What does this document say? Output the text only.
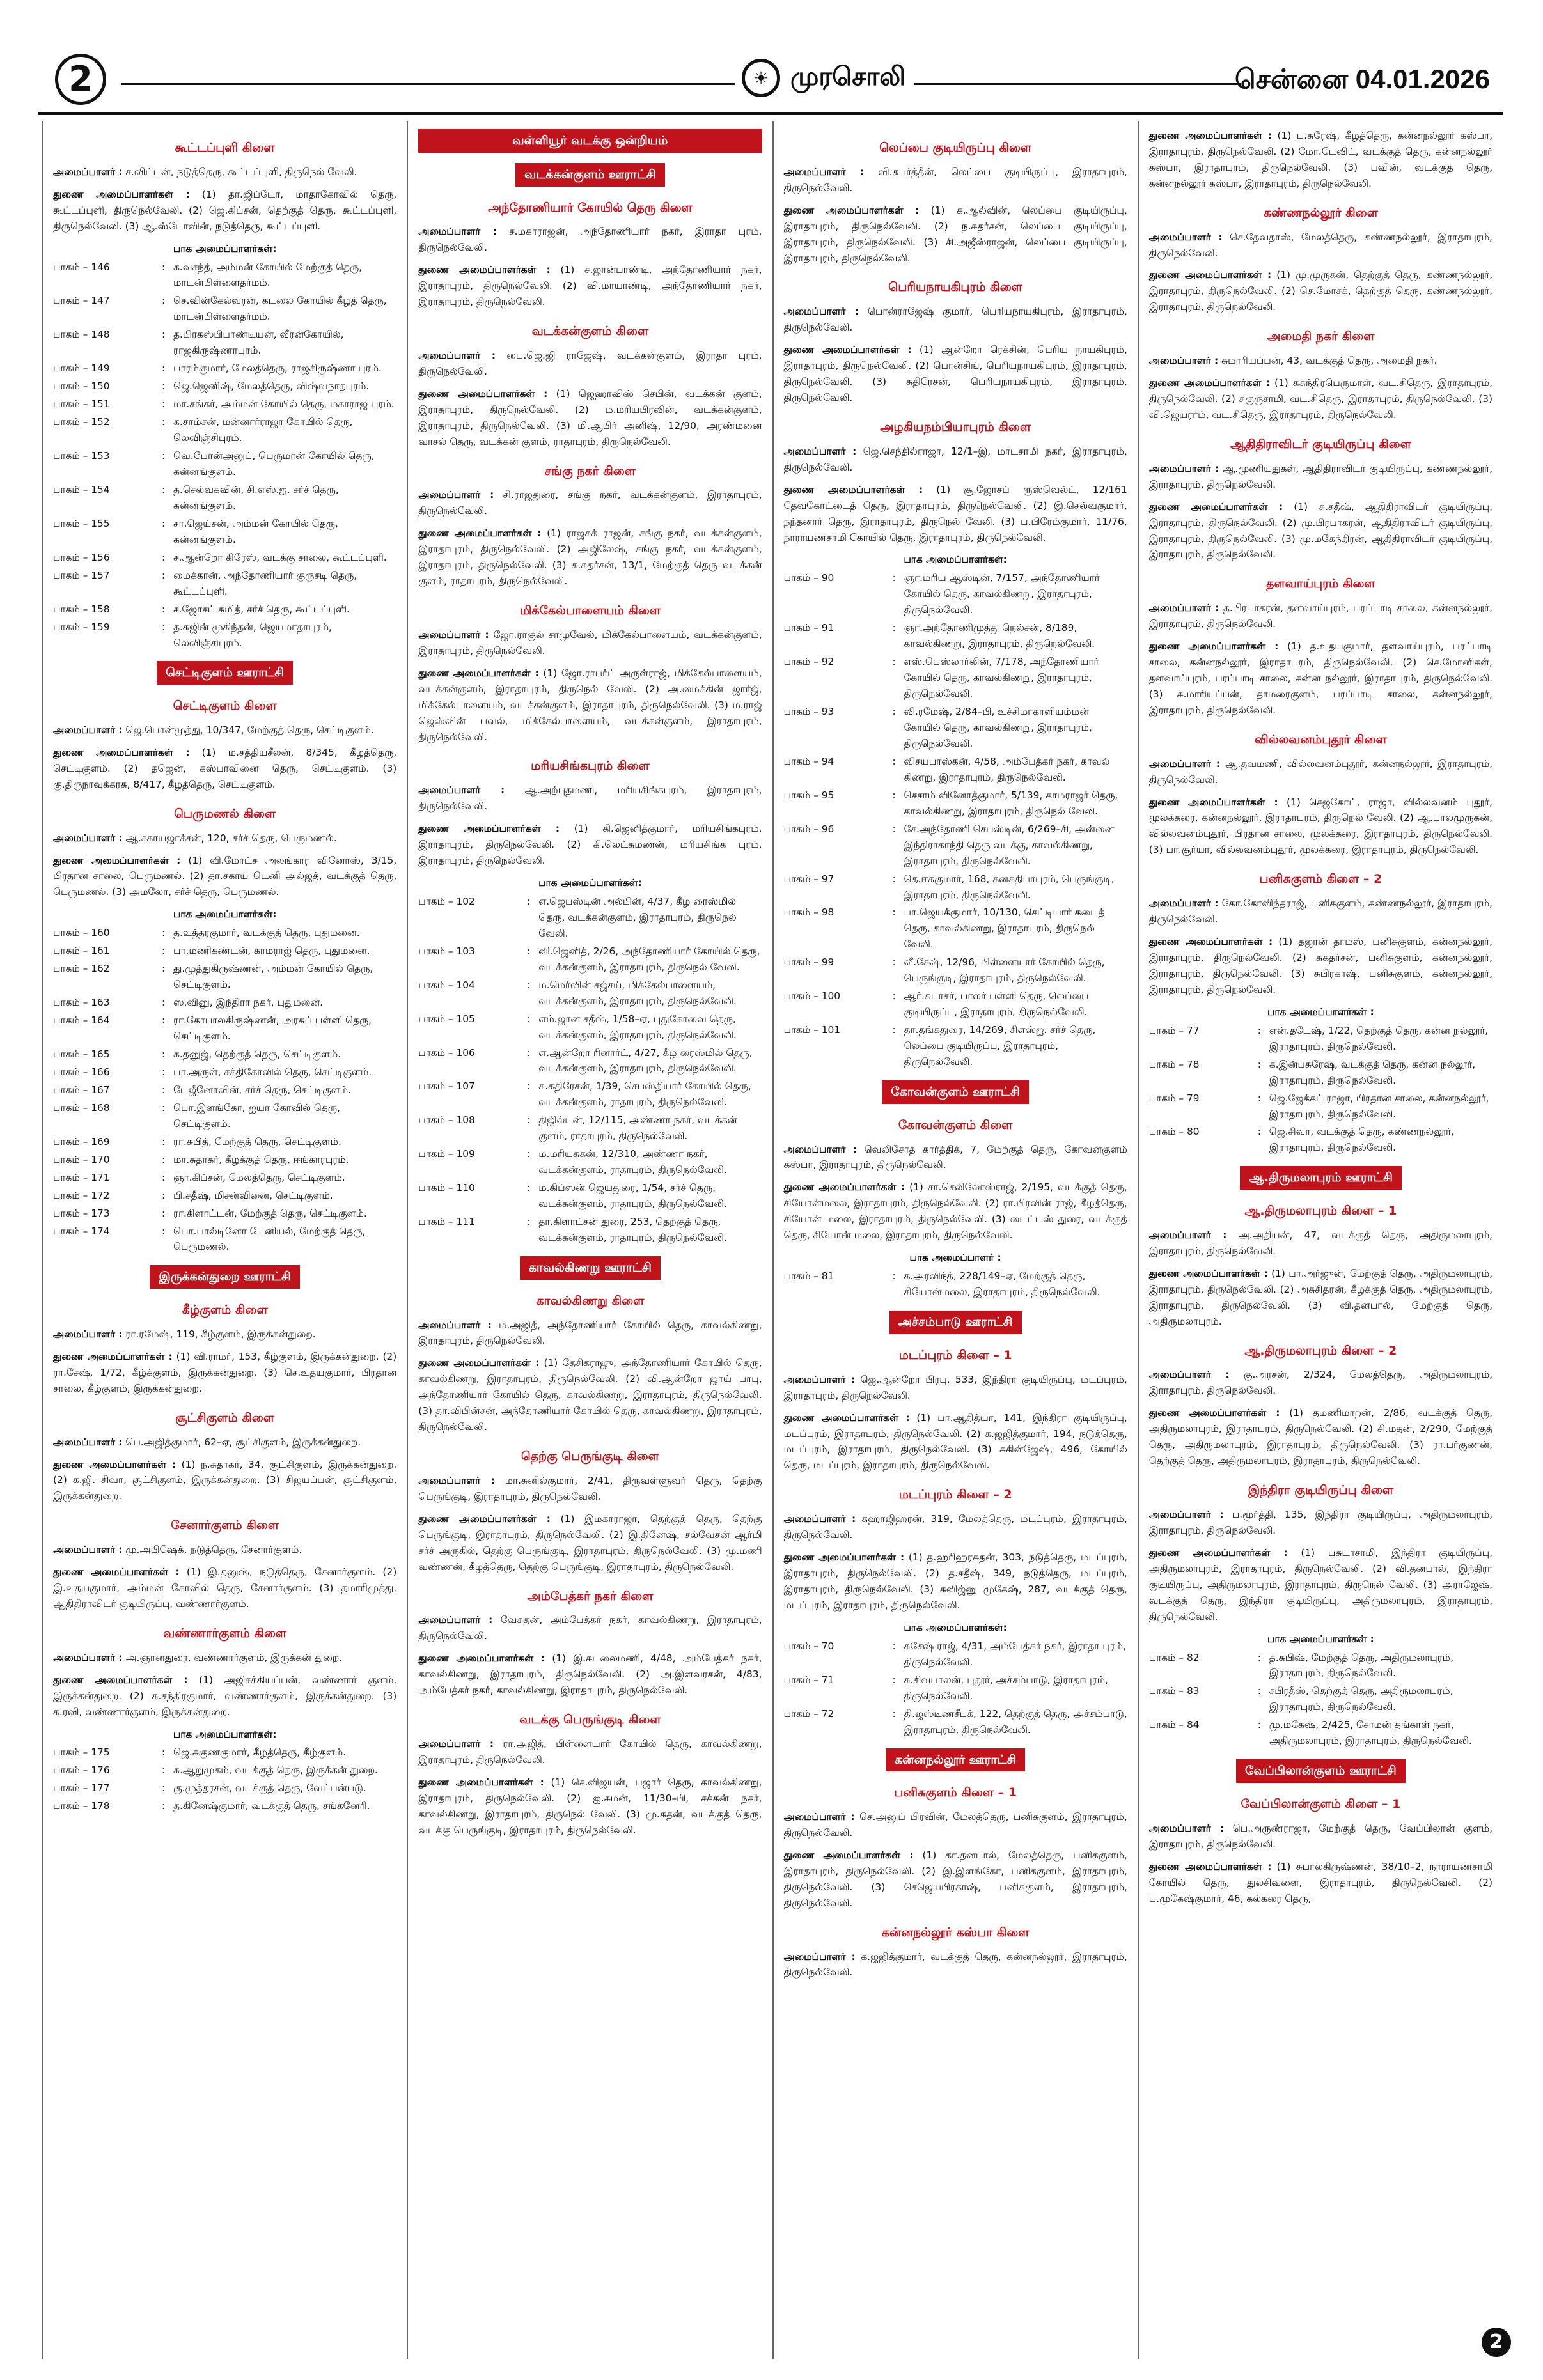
2	☀ முரசொலி	சென்னை 04.01.2026
கூட்டப்புளி கிளை

அமைப்பாளர் : ச.விட்டன், நடுத்தெரு, கூட்டப்புளி, திருநெல் வேலி.

துணை அமைப்பாளர்கள் : (1) தா.ஜிப்டோ, மாதாகோவில் தெரு, கூட்டப்புளி, திருநெல்வேலி. (2) ஜெ.கிப்சன், தெற்குத் தெரு, கூட்டப்புளி, திருநெல்வேலி. (3) ஆ.ஸ்டோவின், நடுத்தெரு, கூட்டப்புளி.

பாக அமைப்பாளர்கள்:
பாகம் – 146	: க.வசந்த், அம்மன் கோயில் மேற்குத் தெரு, மாடன்பிள்ளைதர்மம்.
பாகம் – 147	: செ.வின்கேல்வரன், கடலை கோயில் கீழத் தெரு, மாடன்பிள்ளைதர்மம்.
பாகம் – 148	: த.பிரகஸ்பிபாண்டியன், வீரன்கோயில், ராஜகிருஷ்ணாபுரம்.
பாகம் – 149	: பாரம்குமார், மேலத்தெரு, ராஜகிருஷ்ணா புரம்.
பாகம் – 150	: ஜெ.ஜெனிஷ், மேலத்தெரு, விஷ்வநாதபுரம்.
பாகம் – 151	: மா.சங்கர், அம்மன் கோயில் தெரு, மகாராஜ புரம்.
பாகம் – 152	: க.சாம்சன், மன்னார்ராஜா கோயில் தெரு, லெவிஞ்சிபுரம்.
பாகம் – 153	: வெ.போன்அனுப், பெருமான் கோயில் தெரு, கன்னங்குளம்.
பாகம் – 154	: த.செல்வகவின், சி.எஸ்.ஐ. சர்ச் தெரு, கன்னங்குளம்.
பாகம் – 155	: சா.ஜெய்சன், அம்மன் கோயில் தெரு, கன்னங்குளம்.
பாகம் – 156	: ச.ஆன்றோ கிரேஸ், வடக்கு சாலை, கூட்டப்புளி.
பாகம் – 157	: மைக்கான், அந்தோணியார் குருசடி தெரு, கூட்டப்புளி.
பாகம் – 158	: ச.ஜோசப் சுமித், சர்ச் தெரு, கூட்டப்புளி.
பாகம் – 159	: த.சுஜின் முகிந்தன், ஜெயமாதாபுரம், லெவிஞ்சிபுரம்.
செட்டிகுளம் ஊராட்சி
செட்டிகுளம் கிளை

அமைப்பாளர் : ஜெ.பொன்முத்து, 10/347, மேற்குத் தெரு, செட்டிகுளம்.

துணை அமைப்பாளர்கள் : (1) ம.சத்தியசீலன், 8/345, கீழத்தெரு, செட்டிகுளம். (2) தஜென், கஸ்பாவினை தெரு, செட்டிகுளம். (3) கு.திருநாவுக்கரசு, 8/417, கீழத்தெரு, செட்டிகுளம்.

பெருமணல் கிளை

அமைப்பாளர் : ஆ.சகாயஜாக்சன், 120, சர்ச் தெரு, பெருமணல்.

துணை அமைப்பாளர்கள் : (1) வி.மோட்ச அலங்கார வினோஸ், 3/15, பிரதான சாலை, பெருமணல். (2) தா.சகாய டெனி அல்ஜத், வடக்குத் தெரு, பெருமணல். (3) அமலோ, சர்ச் தெரு, பெருமணல்.

பாக அமைப்பாளர்கள்:
பாகம் – 160	: த.உத்தரகுமார், வடக்குத் தெரு, புதுமனை.
பாகம் – 161	: பா.மணிகண்டன், காமராஜ் தெரு, புதுமனை.
பாகம் – 162	: து.முத்துகிருஷ்ணன், அம்மன் கோயில் தெரு, செட்டிகுளம்.
பாகம் – 163	: ஸ.வினு, இந்திரா நகர், புதுமனை.
பாகம் – 164	: ரா.கோபாலகிருஷ்ணன், அரசுப் பள்ளி தெரு, செட்டிகுளம்.
பாகம் – 165	: க.தனுஜ், தெற்குத் தெரு, செட்டிகுளம்.
பாகம் – 166	: பா.அருள், சக்திகோவில் தெரு, செட்டிகுளம்.
பாகம் – 167	: டேஜீனோவின், சர்ச் தெரு, செட்டிகுளம்.
பாகம் – 168	: பொ.இளங்கோ, ஐயா கோவில் தெரு, செட்டிகுளம்.
பாகம் – 169	: ரா.சுபித், மேற்குத் தெரு, செட்டிகுளம்.
பாகம் – 170	: மா.சுதாகர், கீழக்குத் தெரு, ஈங்காரபுரம்.
பாகம் – 171	: ஞா.கிப்சன், மேலத்தெரு, செட்டிகுளம்.
பாகம் – 172	: பி.சதீஷ், மிசன்வினை, செட்டிகுளம்.
பாகம் – 173	: ரா.கிளாட்டன், மேற்குத் தெரு, செட்டிகுளம்.
பாகம் – 174	: பொ.பால்டினோ டேனியல், மேற்குத் தெரு, பெருமணல்.
இருக்கன்துறை ஊராட்சி
கீழ்குளம் கிளை

அமைப்பாளர் : ரா.ரமேஷ், 119, கீழ்குளம், இருக்கன்துறை.

துணை அமைப்பாளர்கள் : (1) வி.ராமர், 153, கீழ்குளம், இருக்கன்துறை. (2) ரா.சேஷ், 1/72, கீழ்க்குளம், இருக்கன்துறை. (3) செ.உதயகுமார், பிரதான சாலை, கீழ்குளம், இருக்கன்துறை.

சூட்சிகுளம் கிளை

அமைப்பாளர் : பெ.அஜித்குமார், 62–ஏ, சூட்சிகுளம், இருக்கன்துறை.

துணை அமைப்பாளர்கள் : (1) ந.சுதாகர், 34, சூட்சிகுளம், இருக்கன்துறை. (2) க.ஜி. சிவா, சூட்சிகுளம், இருக்கன்துறை. (3) சிஜயப்பன், சூட்சிகுளம், இருக்கன்துறை.

சேனார்குளம் கிளை

அமைப்பாளர் : மு.அபிஷேக், நடுத்தெரு, சேனார்குளம்.

துணை அமைப்பாளர்கள் : (1) இ.தனுஷ், நடுத்தெரு, சேனார்குளம். (2) இ.உதயகுமார், அம்மன் கோவில் தெரு, சேனார்குளம். (3) தமாரிமுத்து, ஆதிதிராவிடர் குடியிருப்பு, வண்ணார்குளம்.

வண்ணார்குளம் கிளை

அமைப்பாளர் : அ.ஞானதுரை, வண்ணார்குளம், இருக்கன் துறை.

துணை அமைப்பாளர்கள் : (1) அஜிசக்கியப்பன், வண்ணார் குளம், இருக்கன்துறை. (2) சு.சந்திரகுமார், வண்ணார்குளம், இருக்கன்துறை. (3) சு.ரவி, வண்ணார்குளம், இருக்கன்துறை.

பாக அமைப்பாளர்கள்:
பாகம் – 175	: ஜெ.சுகுணகுமார், கீழத்தெரு, கீழ்குளம்.
பாகம் – 176	: சு.ஆறுமுகம், வடக்குத் தெரு, இருக்கன் துறை.
பாகம் – 177	: கு.முத்தரசன், வடக்குத் தெரு, வேப்பன்படு.
பாகம் – 178	: த.கினேஷ்குமார், வடக்குத் தெரு, சங்கனேரி.
வள்ளியூர் வடக்கு ஒன்றியம்
வடக்கன்குளம் ஊராட்சி
அந்தோணியார் கோயில் தெரு கிளை

அமைப்பாளர் : ச.மகாராஜன், அந்தோணியார் நகர், இராதா புரம், திருநெல்வேலி.

துணை அமைப்பாளர்கள் : (1) ச.ஜான்பாண்டி, அந்தோணியார் நகர், இராதாபுரம், திருநெல்வேலி. (2) வி.மாயாண்டி, அந்தோணியார் நகர், இராதாபுரம், திருநெல்வேலி.

வடக்கன்குளம் கிளை

அமைப்பாளர் : பை.ஜெ.ஜி ராஜேஷ், வடக்கன்குளம், இராதா புரம், திருநெல்வேலி.

துணை அமைப்பாளர்கள் : (1) ஜெஹாவிஸ் செபின், வடக்கன் குளம், இராதாபுரம், திருநெல்வேலி. (2) ம.மரியபிரவின், வடக்கன்குளம், இராதாபுரம், திருநெல்வேலி. (3) மி.ஆபிர் அனிஷ், 12/90, அரண்மனை வாசல் தெரு, வடக்கன் குளம், ராதாபுரம், திருநெல்வேலி.

சங்கு நகர் கிளை

அமைப்பாளர் : சி.ராஜதுரை, சங்கு நகர், வடக்கன்குளம், இராதாபுரம், திருநெல்வேலி.

துணை அமைப்பாளர்கள் : (1) ராஜசுக் ராஜன், சங்கு நகர், வடக்கன்குளம், இராதாபுரம், திருநெல்வேலி. (2) அஜிலேஷ், சங்கு நகர், வடக்கன்குளம், இராதாபுரம், திருநெல்வேலி. (3) க.சுதர்சன், 13/1, மேற்குத் தெரு வடக்கன் குளம், ராதாபுரம், திருநெல்வேலி.

மிக்கேல்பாளையம் கிளை

அமைப்பாளர் : ஜோ.ராகுல் சாமுவேல், மிக்கேல்பாளையம், வடக்கன்குளம், இராதாபுரம், திருநெல்வேலி.

துணை அமைப்பாளர்கள் : (1) ஜோ.ராபர்ட் அருள்ராஜ், மிக்கேல்பாளையம், வடக்கன்குளம், இராதாபுரம், திருநெல் வேலி. (2) அ.மைக்கின் ஜார்ஜ், மிக்கேல்பாளையம், வடக்கன்குளம், இராதாபுரம், திருநெல்வேலி. (3) ம.ராஜ் ஜெஸ்வின் பவல், மிக்கேல்பாளையம், வடக்கன்குளம், இராதாபுரம், திருநெல்வேலி.

மரியசிங்கபுரம் கிளை

அமைப்பாளர் : ஆ.அற்புதமணி, மரியசிங்கபுரம், இராதாபுரம், திருநெல்வேலி.

துணை அமைப்பாளர்கள் : (1) கி.ஜெனித்குமார், மரியசிங்கபுரம், இராதாபுரம், திருநெல்வேலி. (2) கி.லெட்சுமணன், மரியசிங்க புரம், இராதாபுரம், திருநெல்வேலி.

பாக அமைப்பாளர்கள்:
பாகம் – 102	: எ.ஜெபஸ்டின் அல்பின், 4/37, கீழ ரைஸ்மில் தெரு, வடக்கன்குளம், இராதாபுரம், திருநெல் வேலி.
பாகம் – 103	: வி.ஜெனித், 2/26, அந்தோணியார் கோயில் தெரு, வடக்கன்குளம், இராதாபுரம், திருநெல் வேலி.
பாகம் – 104	: ம.மெர்வின் சஜ்சய், மிக்கேல்பாளையம், வடக்கன்குளம், இராதாபுரம், திருநெல்வேலி.
பாகம் – 105	: எம்.ஜான சதீஷ், 1/58–ஏ, புதுகோவை தெரு, வடக்கன்குளம், இராதாபுரம், திருநெல்வேலி.
பாகம் – 106	: எ.ஆன்றோ ரினார்ட், 4/27, கீழ ரைஸ்மில் தெரு, வடக்கன்குளம், இராதாபுரம், திருநெல்வேலி.
பாகம் – 107	: சு.கதிரேசன், 1/39, செபஸ்தியார் கோயில் தெரு, வடக்கன்குளம், ராதாபுரம், திருநெல்வேலி.
பாகம் – 108	: திஜில்டன், 12/115, அண்ணா நகர், வடக்கன் குளம், ராதாபுரம், திருநெல்வேலி.
பாகம் – 109	: ம.மரியசுகன், 12/310, அண்ணா நகர், வடக்கன்குளம், ராதாபுரம், திருநெல்வேலி.
பாகம் – 110	: ம.கிப்ஸன் ஜெயதுரை, 1/54, சர்ச் தெரு, வடக்கன்குளம், ராதாபுரம், திருநெல்வேலி.
பாகம் – 111	: தா.கிளாட்சன் துரை, 253, தெற்குத் தெரு, வடக்கன்குளம், ராதாபுரம், திருநெல்வேலி.
காவல்கிணறு ஊராட்சி
காவல்கிணறு கிளை

அமைப்பாளர் : ம.அஜித், அந்தோணியார் கோயில் தெரு, காவல்கிணறு, இராதாபுரம், திருநெல்வேலி.

துணை அமைப்பாளர்கள் : (1) தேசிகராஜு, அந்தோணியார் கோயில் தெரு, காவல்கிணறு, இராதாபுரம், திருநெல்வேலி. (2) வி.ஆன்றோ ஜாய் பாபு, அந்தோணியார் கோயில் தெரு, காவல்கிணறு, இராதாபுரம், திருநெல்வேலி. (3) தா.விபின்சன், அந்தோணியார் கோயில் தெரு, காவல்கிணறு, இராதாபுரம், திருநெல்வேலி.

தெற்கு பெருங்குடி கிளை

அமைப்பாளர் : மா.சுனில்குமார், 2/41, திருவள்ளுவர் தெரு, தெற்கு பெருங்குடி, இராதாபுரம், திருநெல்வேலி.

துணை அமைப்பாளர்கள் : (1) இமகாராஜா, தெற்குத் தெரு, தெற்கு பெருங்குடி, இராதாபுரம், திருநெல்வேலி. (2) இ.தினேஷ், சல்வேசன் ஆர்மி சர்ச் அருகில், தெற்கு பெருங்குடி, இராதாபுரம், திருநெல்வேலி. (3) மு.மணி வண்ணன், கீழத்தெரு, தெற்கு பெருங்குடி, இராதாபுரம், திருநெல்வேலி.

அம்பேத்கர் நகர் கிளை

அமைப்பாளர் : வேசுதன், அம்பேத்கர் நகர், காவல்கிணறு, இராதாபுரம், திருநெல்வேலி.

துணை அமைப்பாளர்கள் : (1) இ.சுடலைமணி, 4/48, அம்பேத்கர் நகர், காவல்கிணறு, இராதாபுரம், திருநெல்வேலி. (2) அ.இளவரசன், 4/83, அம்பேத்கர் நகர், காவல்கிணறு, இராதாபுரம், திருநெல்வேலி.

வடக்கு பெருங்குடி கிளை

அமைப்பாளர் : ரா.அஜித், பிள்ளையார் கோயில் தெரு, காவல்கிணறு, இராதாபுரம், திருநெல்வேலி.

துணை அமைப்பாளர்கள் : (1) செ.விஜயன், பஜார் தெரு, காவல்கிணறு, இராதாபுரம், திருநெல்வேலி. (2) ஐ.சுமன், 11/30–பி, சக்கன் நகர், காவல்கிணறு, இராதாபுரம், திருநெல் வேலி. (3) மு.சுதன், வடக்குத் தெரு, வடக்கு பெருங்குடி, இராதாபுரம், திருநெல்வேலி.

லெப்பை குடியிருப்பு கிளை

அமைப்பாளர் : வி.சுபர்த்தீன், லெப்பை குடியிருப்பு, இராதாபுரம், திருநெல்வேலி.

துணை அமைப்பாளர்கள் : (1) க.ஆல்வின், லெப்பை குடியிருப்பு, இராதாபுரம், திருநெல்வேலி. (2) ந.சுதர்சன், லெப்பை குடியிருப்பு, இராதாபுரம், திருநெல்வேலி. (3) சி.அஜீஸ்ராஜன், லெப்பை குடியிருப்பு, இராதாபுரம், திருநெல்வேலி.

பெரியநாயகிபுரம் கிளை

அமைப்பாளர் : பொன்ராஜேஷ் குமார், பெரியநாயகிபுரம், இராதாபுரம், திருநெல்வேலி.

துணை அமைப்பாளர்கள் : (1) ஆன்றோ ரெக்சின், பெரிய நாயகிபுரம், இராதாபுரம், திருநெல்வேலி. (2) பொன்சிங், பெரியநாயகிபுரம், இராதாபுரம், திருநெல்வேலி. (3) சுதிரேசன், பெரியநாயகிபுரம், இராதாபுரம், திருநெல்வேலி.

அழகியநம்பியாபுரம் கிளை

அமைப்பாளர் : ஜெ.செந்தில்ராஜா, 12/1–இ, மாடசாமி நகர், இராதாபுரம், திருநெல்வேலி.

துணை அமைப்பாளர்கள் : (1) சூ.ஜோசப் ரூஸ்வெல்ட், 12/161 தேவகோட்டைத் தெரு, இராதாபுரம், திருநெல்வேலி. (2) இ.செல்வகுமார், நந்தனார் தெரு, இராதாபுரம், திருநெல் வேலி. (3) ப.பிரேம்குமார், 11/76, நாராயணசாமி கோயில் தெரு, இராதாபுரம், திருநெல்வேலி.

பாக அமைப்பாளர்கள்:
பாகம் – 90	: ஞா.மரிய ஆஸ்டின், 7/157, அந்தோணியார் கோயில் தெரு, காவல்கிணறு, இராதாபுரம், திருநெல்வேலி.
பாகம் – 91	: ஞா.அந்தோணிமுத்து நெல்சன், 8/189, காவல்கிணறு, இராதாபுரம், திருநெல்வேலி.
பாகம் – 92	: எஸ்.பெஸ்லார்லின், 7/178, அந்தோணியார் கோயில் தெரு, காவல்கிணறு, இராதாபுரம், திருநெல்வேலி.
பாகம் – 93	: வி.ரமேஷ், 2/84–பி, உச்சிமாகாளியம்மன் கோயில் தெரு, காவல்கிணறு, இராதாபுரம், திருநெல்வேலி.
பாகம் – 94	: விசயபாஸ்கன், 4/58, அம்பேத்கர் நகர், காவல் கிணறு, இராதாபுரம், திருநெல்வேலி.
பாகம் – 95	: செசாம் வினோத்குமார், 5/139, காமராஜர் தெரு, காவல்கிணறு, இராதாபுரம், திருநெல் வேலி.
பாகம் – 96	: சே.அந்தோணி செபஸ்டின், 6/269–சி, அன்னை இந்திராகாந்தி தெரு வடக்கு, காவல்கிணறு, இராதாபுரம், திருநெல்வேலி.
பாகம் – 97	: தெ.ஈசுகுமார், 168, கனகதிபாபுரம், பெருங்குடி, இராதாபுரம், திருநெல்வேலி.
பாகம் – 98	: பா.ஜெயக்குமார், 10/130, செட்டியார் கடைத் தெரு, காவல்கிணறு, இராதாபுரம், திருநெல் வேலி.
பாகம் – 99	: வீ.சேஷ், 12/96, பிள்ளையார் கோயில் தெரு, பெருங்குடி, இராதாபுரம், திருநெல்வேலி.
பாகம் – 100	: ஆர்.சுபாசர், பாலர் பள்ளி தெரு, லெப்பை குடியிருப்பு, இராதாபுரம், திருநெல்வேலி.
பாகம் – 101	: தா.தங்கதுரை, 14/269, சிஎஸ்ஐ. சர்ச் தெரு, லெப்பை குடியிருப்பு, இராதாபுரம், திருநெல்வேலி.
கோவன்குளம் ஊராட்சி
கோவன்குளம் கிளை

அமைப்பாளர் : வெலிசோத் கார்த்திக், 7, மேற்குத் தெரு, கோவன்குளம் கஸ்பா, இராதாபுரம், திருநெல்வேலி.

துணை அமைப்பாளர்கள் : (1) சா.செலிலோஸ்ராஜ், 2/195, வடக்குத் தெரு, சியோன்மலை, இராதாபுரம், திருநெல்வேலி. (2) ரா.பிரவின் ராஜ், கீழத்தெரு, சியோன் மலை, இராதாபுரம், திருநெல்வேலி. (3) டைட்டஸ் துரை, வடக்குத் தெரு, சியோன் மலை, இராதாபுரம், திருநெல்வேலி.

பாக அமைப்பாளர் :
பாகம் – 81	: க.அரவிந்த், 228/149–ஏ, மேற்குத் தெரு, சியோன்மலை, இராதாபுரம், திருநெல்வேலி.
அச்சம்பாடு ஊராட்சி
மடப்புரம் கிளை – 1

அமைப்பாளர் : ஜெ.ஆன்றோ பிரபு, 533, இந்திரா குடியிருப்பு, மடப்புரம், இராதாபுரம், திருநெல்வேலி.

துணை அமைப்பாளர்கள் : (1) பா.ஆதித்யா, 141, இந்திரா குடியிருப்பு, மடப்புரம், இராதாபுரம், திருநெல்வேலி. (2) க.ஜஜித்குமார், 194, நடுத்தெரு, மடப்புரம், இராதாபுரம், திருநெல்வேலி. (3) சுகின்ஜேஷ், 496, கோயில் தெரு, மடப்புரம், இராதாபுரம், திருநெல்வேலி.

மடப்புரம் கிளை – 2

அமைப்பாளர் : சுஹாஜிஹரன், 319, மேலத்தெரு, மடப்புரம், இராதாபுரம், திருநெல்வேலி.

துணை அமைப்பாளர்கள் : (1) த.ஹரிஹரசுதன், 303, நடுத்தெரு, மடப்புரம், இராதாபுரம், திருநெல்வேலி. (2) த.சதீஷ், 349, நடுத்தெரு, மடப்புரம், இராதாபுரம், திருநெல்வேலி. (3) சுவிஜ்னு முகேஷ், 287, வடக்குத் தெரு, மடப்புரம், இராதாபுரம், திருநெல்வேலி.

பாக அமைப்பாளர்கள்:
பாகம் – 70	: சுசேஷ் ராஜ், 4/31, அம்பேத்கர் நகர், இராதா புரம், திருநெல்வேலி.
பாகம் – 71	: சு.சிவபாலன், புதூர், அச்சம்பாடு, இராதாபுரம், திருநெல்வேலி.
பாகம் – 72	: தி.ஜஸ்டிணசீபக், 122, தெற்குத் தெரு, அச்சம்பாடு, இராதாபுரம், திருநெல்வேலி.
கன்னநல்லூர் ஊராட்சி
பனிசுகுளம் கிளை – 1

அமைப்பாளர் : செ.அனுப் பிரவின், மேலத்தெரு, பனிசுகுளம், இராதாபுரம், திருநெல்வேலி.

துணை அமைப்பாளர்கள் : (1) கா.தனபால், மேலத்தெரு, பனிசுகுளம், இராதாபுரம், திருநெல்வேலி. (2) இ.இளங்கோ, பனிசுகுளம், இராதாபுரம், திருநெல்வேலி. (3) செஜெயபிரகாஷ், பனிசுகுளம், இராதாபுரம், திருநெல்வேலி.

கன்னநல்லூர் கஸ்பா கிளை

அமைப்பாளர் : க.ஜஜித்குமார், வடக்குத் தெரு, கன்னநல்லூர், இராதாபுரம், திருநெல்வேலி.

துணை அமைப்பாளர்கள் : (1) ப.சுரேஷ், கீழத்தெரு, கன்னநல்லூர் கஸ்பா, இராதாபுரம், திருநெல்வேலி. (2) மோ.டேவிட், வடக்குத் தெரு, கன்னநல்லூர் கஸ்பா, இராதாபுரம், திருநெல்வேலி. (3) பவின், வடக்குத் தெரு, கன்னநல்லூர் கஸ்பா, இராதாபுரம், திருநெல்வேலி.

கண்ணநல்லூர் கிளை

அமைப்பாளர் : செ.தேவதாஸ், மேலத்தெரு, கண்ணநல்லூர், இராதாபுரம், திருநெல்வேலி.

துணை அமைப்பாளர்கள் : (1) மு.முருகன், தெற்குத் தெரு, கண்ணநல்லூர், இராதாபுரம், திருநெல்வேலி. (2) செ.மோசக், தெற்குத் தெரு, கண்ணநல்லூர், இராதாபுரம், திருநெல்வேலி.

அமைதி நகர் கிளை

அமைப்பாளர் : சுமாரியப்பன், 43, வடக்குத் தெரு, அமைதி நகர்.

துணை அமைப்பாளர்கள் : (1) சுசுந்திரபெருமாள், வட.சிதெரு, இராதாபுரம், திருநெல்வேலி. (2) சுகுருசாமி, வட.சிதெரு, இராதாபுரம், திருநெல்வேலி. (3) வி.ஜெயராம், வட.சிதெரு, இராதாபுரம், திருநெல்வேலி.

ஆதிதிராவிடர் குடியிருப்பு கிளை

அமைப்பாளர் : ஆ.முணியதுகள், ஆதிதிராவிடர் குடியிருப்பு, கண்ணநல்லூர், இராதாபுரம், திருநெல்வேலி.

துணை அமைப்பாளர்கள் : (1) சு.சதீஷ், ஆதிதிராவிடர் குடியிருப்பு, இராதாபுரம், திருநெல்வேலி. (2) மு.பிரபாகரன், ஆதிதிராவிடர் குடியிருப்பு, இராதாபுரம், திருநெல்வேலி. (3) மு.மகேந்திரன், ஆதிதிராவிடர் குடியிருப்பு, இராதாபுரம், திருநெல்வேலி.

தளவாய்புரம் கிளை

அமைப்பாளர் : த.பிரபாகரன், தளவாய்புரம், பரப்பாடி சாலை, கன்னநல்லூர், இராதாபுரம், திருநெல்வேலி.

துணை அமைப்பாளர்கள் : (1) த.உதயகுமார், தளவாய்புரம், பரப்பாடி சாலை, கன்னநல்லூர், இராதாபுரம், திருநெல்வேலி. (2) செ.மோனிகள், தளவாய்புரம், பரப்பாடி சாலை, கன்ன நல்லூர், இராதாபுரம், திருநெல்வேலி. (3) சு.மாரியப்பன், தாமரைகுளம், பரப்பாடி சாலை, கன்னநல்லூர், இராதாபுரம், திருநெல்வேலி.

வில்லவனம்புதூர் கிளை

அமைப்பாளர் : ஆ.தவமணி, வில்லவனம்புதூர், கன்னநல்லூர், இராதாபுரம், திருநெல்வேலி.

துணை அமைப்பாளர்கள் : (1) செஜகோட், ராஜா, வில்லவனம் புதூர், மூலக்கரை, கன்னநல்லூர், இராதாபுரம், திருநெல் வேலி. (2) ஆ.பாலமுருகன், வில்லவனம்புதூர், பிரதான சாலை, மூலக்கரை, இராதாபுரம், திருநெல்வேலி. (3) பா.சூர்யா, வில்லவனம்புதூர், மூலக்கரை, இராதாபுரம், திருநெல்வேலி.

பனிசுகுளம் கிளை – 2

அமைப்பாளர் : கோ.கோவிந்தராஜ், பனிசுகுளம், கண்ணநல்லூர், இராதாபுரம், திருநெல்வேலி.

துணை அமைப்பாளர்கள் : (1) தஜான் தாமஸ், பனிசுகுளம், கன்னநல்லூர், இராதாபுரம், திருநெல்வேலி. (2) சுகதர்சன், பனிசுகுளம், கன்னநல்லூர், இராதாபுரம், திருநெல்வேலி. (3) சுபிரகாஷ், பனிசுகுளம், கன்னநல்லூர், இராதாபுரம், திருநெல்வேலி.

பாக அமைப்பாளர்கள் :
பாகம் – 77	: என்.தடேஷ், 1/22, தெற்குத் தெரு, கன்ன நல்லூர், இராதாபுரம், திருநெல்வேலி.
பாகம் – 78	: க.இன்பசுரேஷ், வடக்குத் தெரு, கன்ன நல்லூர், இராதாபுரம், திருநெல்வேலி.
பாகம் – 79	: ஜெ.ஜேக்கப் ராஜா, பிரதான சாலை, கன்னநல்லூர், இராதாபுரம், திருநெல்வேலி.
பாகம் – 80	: ஜெ.சிவா, வடக்குத் தெரு, கண்ணநல்லூர், இராதாபுரம், திருநெல்வேலி.
ஆ.திருமலாபுரம் ஊராட்சி
ஆ.திருமலாபுரம் கிளை – 1

அமைப்பாளர் : அ.அதியன், 47, வடக்குத் தெரு, அதிருமலாபுரம், இராதாபுரம், திருநெல்வேலி.

துணை அமைப்பாளர்கள் : (1) பா.அர்ஜுன், மேற்குத் தெரு, அதிருமலாபுரம், இராதாபுரம், திருநெல்வேலி. (2) அசுசிதரன், கீழக்குத் தெரு, அதிருமலாபுரம், இராதாபுரம், திருநெல்வேலி. (3) வி.தனபால், மேற்குத் தெரு, அதிருமலாபுரம்.

ஆ.திருமலாபுரம் கிளை – 2

அமைப்பாளர் : கு.அரசன், 2/324, மேலத்தெரு, அதிருமலாபுரம், இராதாபுரம், திருநெல்வேலி.

துணை அமைப்பாளர்கள் : (1) தமணிமாறன், 2/86, வடக்குத் தெரு, அதிருமலாபுரம், இராதாபுரம், திருநெல்வேலி. (2) சி.மதன், 2/290, மேற்குத் தெரு, அதிருமலாபுரம், இராதாபுரம், திருநெல்வேலி. (3) ரா.பர்குணன், தெற்குத் தெரு, அதிருமலாபுரம், இராதாபுரம், திருநெல்வேலி.

இந்திரா குடியிருப்பு கிளை

அமைப்பாளர் : ப.மூர்த்தி, 135, இந்திரா குடியிருப்பு, அதிருமலாபுரம், இராதாபுரம், திருநெல்வேலி.

துணை அமைப்பாளர்கள் : (1) பசுடாசாமி, இந்திரா குடியிருப்பு, அதிருமலாபுரம், இராதாபுரம், திருநெல்வேலி. (2) வி.தனபால், இந்திரா குடியிருப்பு, அதிருமலாபுரம், இராதாபுரம், திருநெல் வேலி. (3) அராஜேஷ், வடக்குத் தெரு, இந்திரா குடியிருப்பு, அதிருமலாபுரம், இராதாபுரம், திருநெல்வேலி.

பாக அமைப்பாளர்கள் :
பாகம் – 82	: த.சுபிஷ், மேற்குத் தெரு, அதிருமலாபுரம், இராதாபுரம், திருநெல்வேலி.
பாகம் – 83	: சபிரதீஸ், தெற்குத் தெரு, அதிருமலாபுரம், இராதாபுரம், திருநெல்வேலி.
பாகம் – 84	: மு.மகேஷ், 2/425, சோமன் தங்காள் நகர், அதிருமலாபுரம், இராதாபுரம், திருநெல்வேலி.
வேப்பிலான்குளம் ஊராட்சி
வேப்பிலான்குளம் கிளை – 1

அமைப்பாளர் : பெ.அருண்ராஜா, மேற்குத் தெரு, வேப்பிலான் குளம், இராதாபுரம், திருநெல்வேலி.

துணை அமைப்பாளர்கள் : (1) சுபாலகிருஷ்ணன், 38/10–2, நாராயணசாமி கோயில் தெரு, துலசிவளை, இராதாபுரம், திருநெல்வேலி. (2) ப.முகேஷ்குமார், 46, கல்கரை தெரு,

2
